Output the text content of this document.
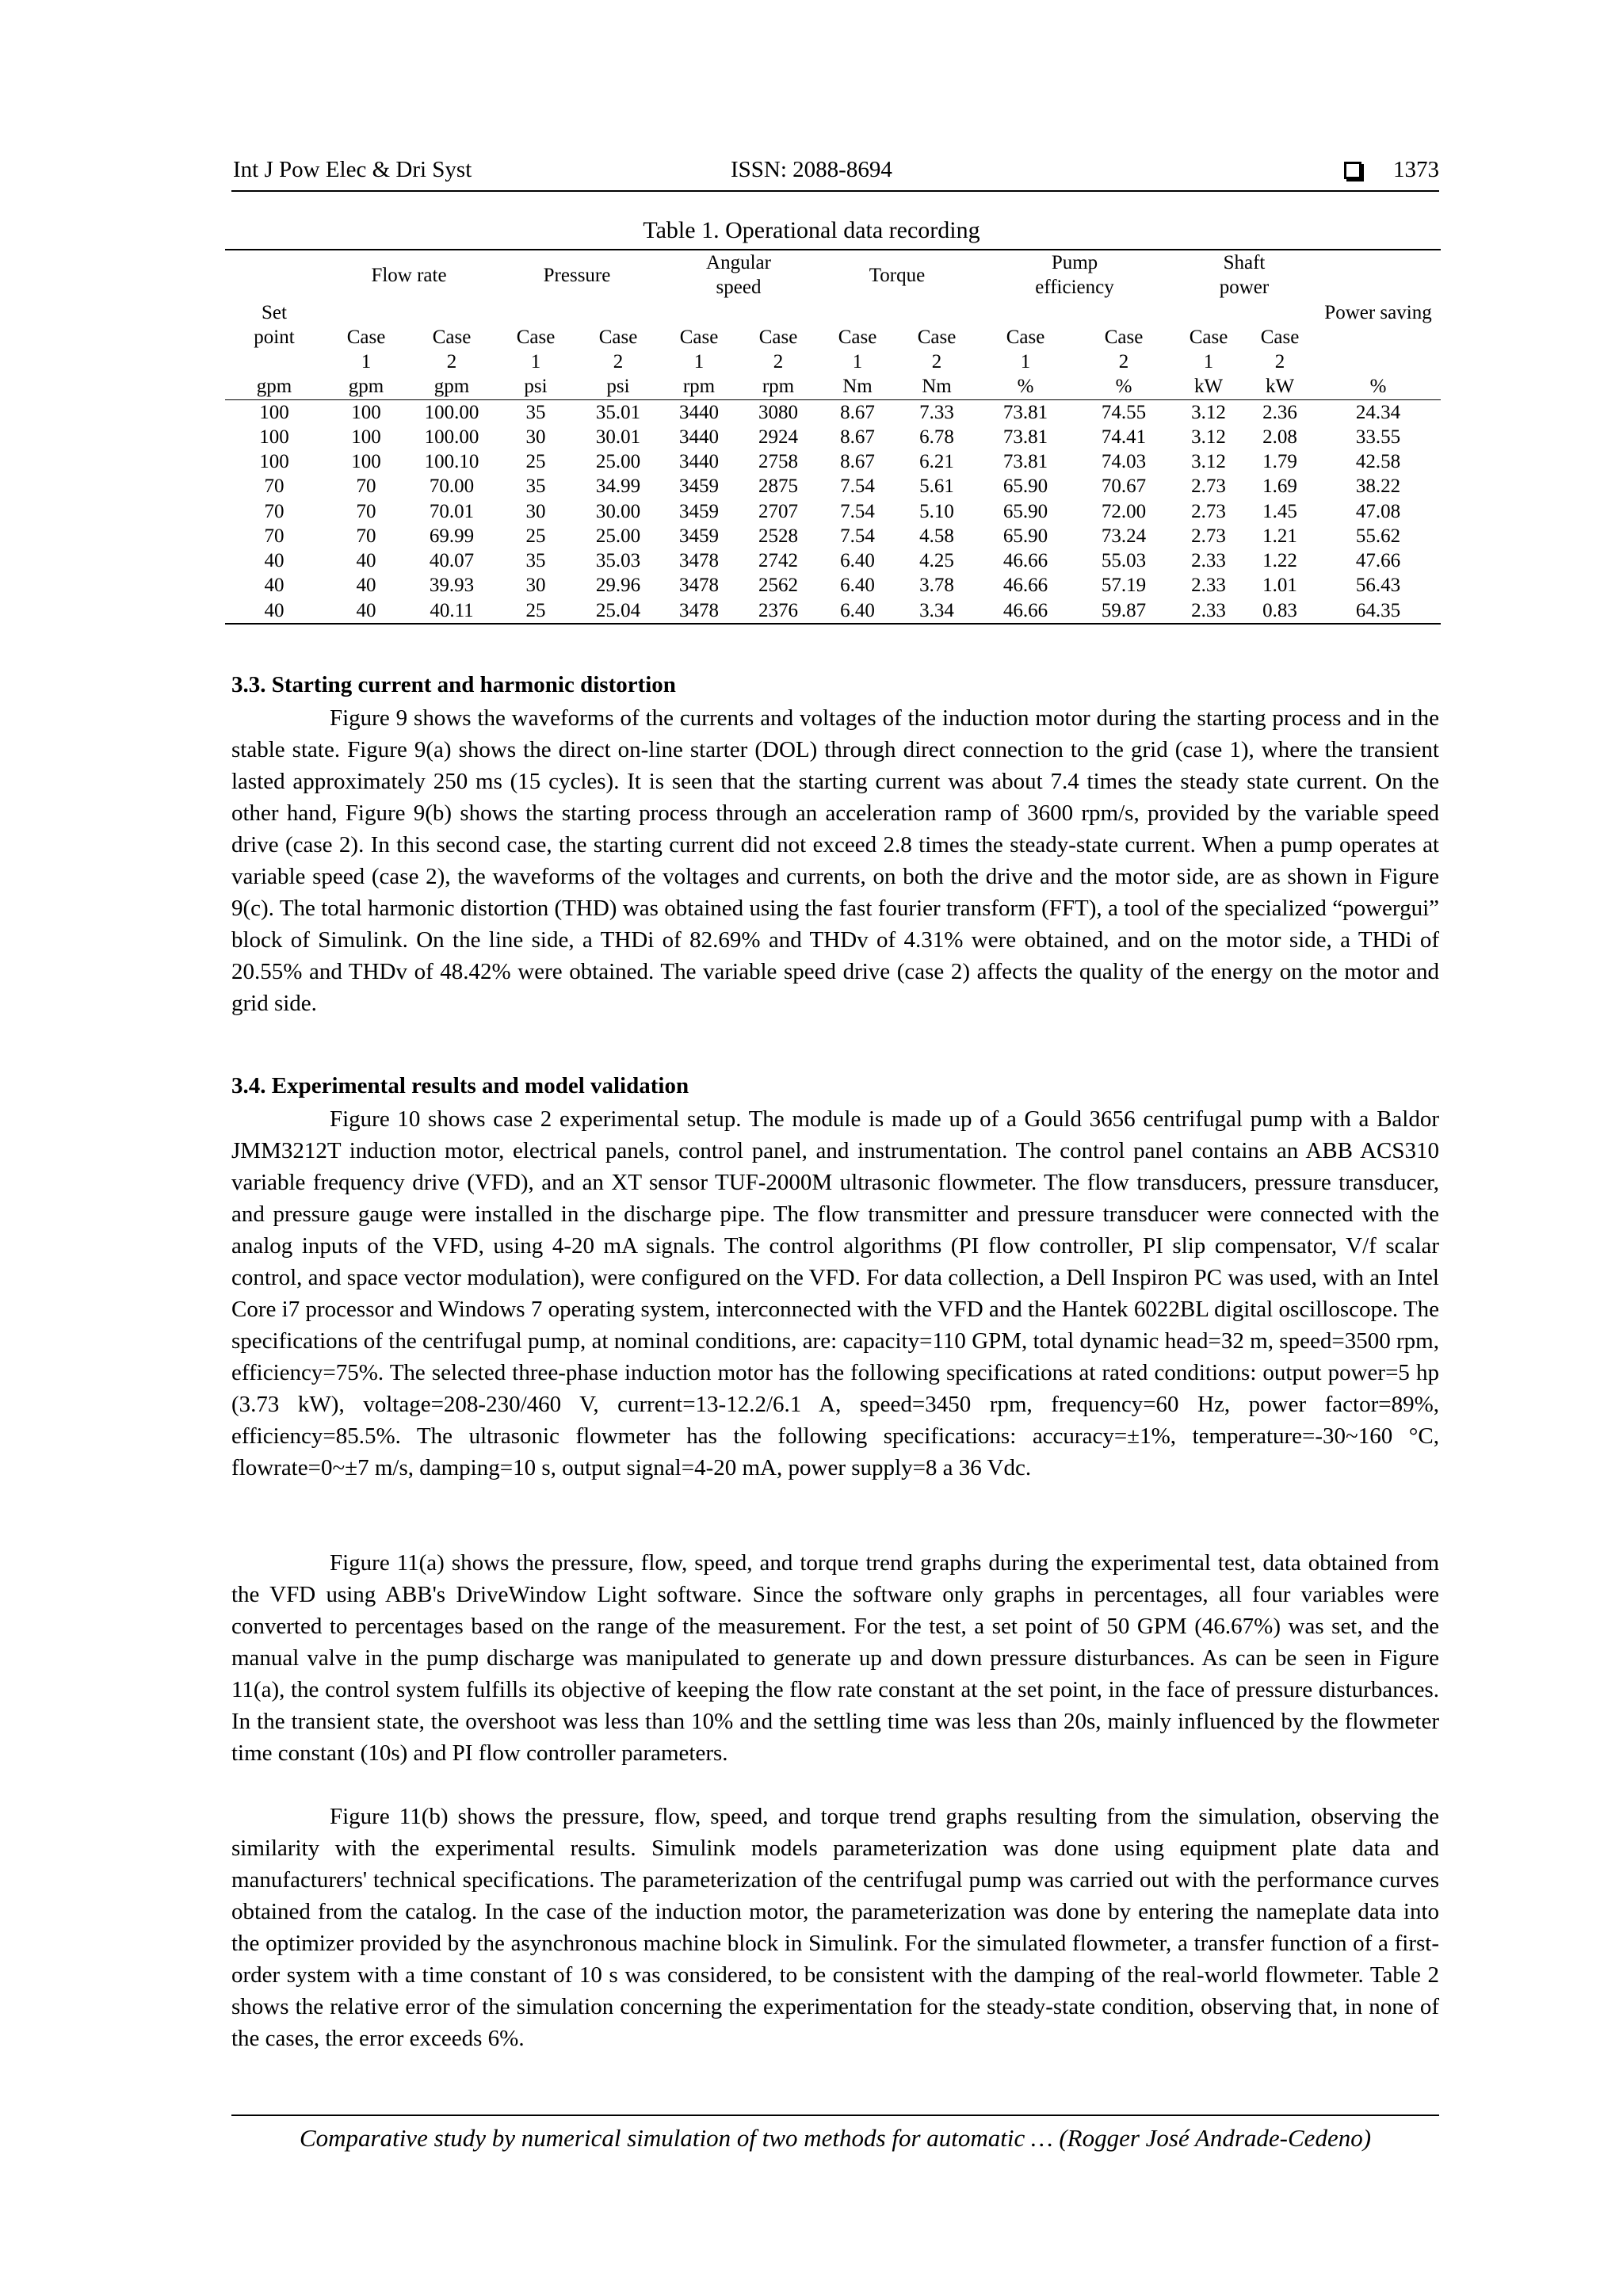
Int J Pow Elec & Dri Syst	ISSN: 2088-8694	1373
Table 1. Operational data recording
	Flow rate		Pressure		Angular speed		Torque		Pump efficiency		Shaft power		
Set													Power saving
point	Case	Case	Case	Case	Case	Case	Case	Case	Case	Case	Case	Case	
	1	2	1	2	1	2	1	2	1	2	1	2	
gpm	gpm	gpm	psi	psi	rpm	rpm	Nm	Nm	%	%	kW	kW	%
100	100	100.00	35	35.01	3440	3080	8.67	7.33	73.81	74.55	3.12	2.36	24.34
100	100	100.00	30	30.01	3440	2924	8.67	6.78	73.81	74.41	3.12	2.08	33.55
100	100	100.10	25	25.00	3440	2758	8.67	6.21	73.81	74.03	3.12	1.79	42.58
70	70	70.00	35	34.99	3459	2875	7.54	5.61	65.90	70.67	2.73	1.69	38.22
70	70	70.01	30	30.00	3459	2707	7.54	5.10	65.90	72.00	2.73	1.45	47.08
70	70	69.99	25	25.00	3459	2528	7.54	4.58	65.90	73.24	2.73	1.21	55.62
40	40	40.07	35	35.03	3478	2742	6.40	4.25	46.66	55.03	2.33	1.22	47.66
40	40	39.93	30	29.96	3478	2562	6.40	3.78	46.66	57.19	2.33	1.01	56.43
40	40	40.11	25	25.04	3478	2376	6.40	3.34	46.66	59.87	2.33	0.83	64.35
3.3. Starting current and harmonic distortion

Figure 9 shows the waveforms of the currents and voltages of the induction motor during the starting process and in the stable state. Figure 9(a) shows the direct on-line starter (DOL) through direct connection to the grid (case 1), where the transient lasted approximately 250 ms (15 cycles). It is seen that the starting current was about 7.4 times the steady state current. On the other hand, Figure 9(b) shows the starting process through an acceleration ramp of 3600 rpm/s, provided by the variable speed drive (case 2). In this second case, the starting current did not exceed 2.8 times the steady-state current. When a pump operates at variable speed (case 2), the waveforms of the voltages and currents, on both the drive and the motor side, are as shown in Figure 9(c). The total harmonic distortion (THD) was obtained using the fast fourier transform (FFT), a tool of the specialized “powergui” block of Simulink. On the line side, a THDi of 82.69% and THDv of 4.31% were obtained, and on the motor side, a THDi of 20.55% and THDv of 48.42% were obtained. The variable speed drive (case 2) affects the quality of the energy on the motor and grid side.

3.4. Experimental results and model validation

Figure 10 shows case 2 experimental setup. The module is made up of a Gould 3656 centrifugal pump with a Baldor JMM3212T induction motor, electrical panels, control panel, and instrumentation. The control panel contains an ABB ACS310 variable frequency drive (VFD), and an XT sensor TUF-2000M ultrasonic flowmeter. The flow transducers, pressure transducer, and pressure gauge were installed in the discharge pipe. The flow transmitter and pressure transducer were connected with the analog inputs of the VFD, using 4-20 mA signals. The control algorithms (PI flow controller, PI slip compensator, V/f scalar control, and space vector modulation), were configured on the VFD. For data collection, a Dell Inspiron PC was used, with an Intel Core i7 processor and Windows 7 operating system, interconnected with the VFD and the Hantek 6022BL digital oscilloscope. The specifications of the centrifugal pump, at nominal conditions, are: capacity=110 GPM, total dynamic head=32 m, speed=3500 rpm, efficiency=75%. The selected three-phase induction motor has the following specifications at rated conditions: output power=5 hp (3.73 kW), voltage=208-230/460 V, current=13-12.2/6.1 A, speed=3450 rpm, frequency=60 Hz, power factor=89%, efficiency=85.5%. The ultrasonic flowmeter has the following specifications: accuracy=±1%, temperature=-30~160 °C, flowrate=0~±7 m/s, damping=10 s, output signal=4-20 mA, power supply=8 a 36 Vdc.

Figure 11(a) shows the pressure, flow, speed, and torque trend graphs during the experimental test, data obtained from the VFD using ABB's DriveWindow Light software. Since the software only graphs in percentages, all four variables were converted to percentages based on the range of the measurement. For the test, a set point of 50 GPM (46.67%) was set, and the manual valve in the pump discharge was manipulated to generate up and down pressure disturbances. As can be seen in Figure 11(a), the control system fulfills its objective of keeping the flow rate constant at the set point, in the face of pressure disturbances. In the transient state, the overshoot was less than 10% and the settling time was less than 20s, mainly influenced by the flowmeter time constant (10s) and PI flow controller parameters.

Figure 11(b) shows the pressure, flow, speed, and torque trend graphs resulting from the simulation, observing the similarity with the experimental results. Simulink models parameterization was done using equipment plate data and manufacturers' technical specifications. The parameterization of the centrifugal pump was carried out with the performance curves obtained from the catalog. In the case of the induction motor, the parameterization was done by entering the nameplate data into the optimizer provided by the asynchronous machine block in Simulink. For the simulated flowmeter, a transfer function of a first-order system with a time constant of 10 s was considered, to be consistent with the damping of the real-world flowmeter. Table 2 shows the relative error of the simulation concerning the experimentation for the steady-state condition, observing that, in none of the cases, the error exceeds 6%.

Comparative study by numerical simulation of two methods for automatic … (Rogger José Andrade-Cedeno)
